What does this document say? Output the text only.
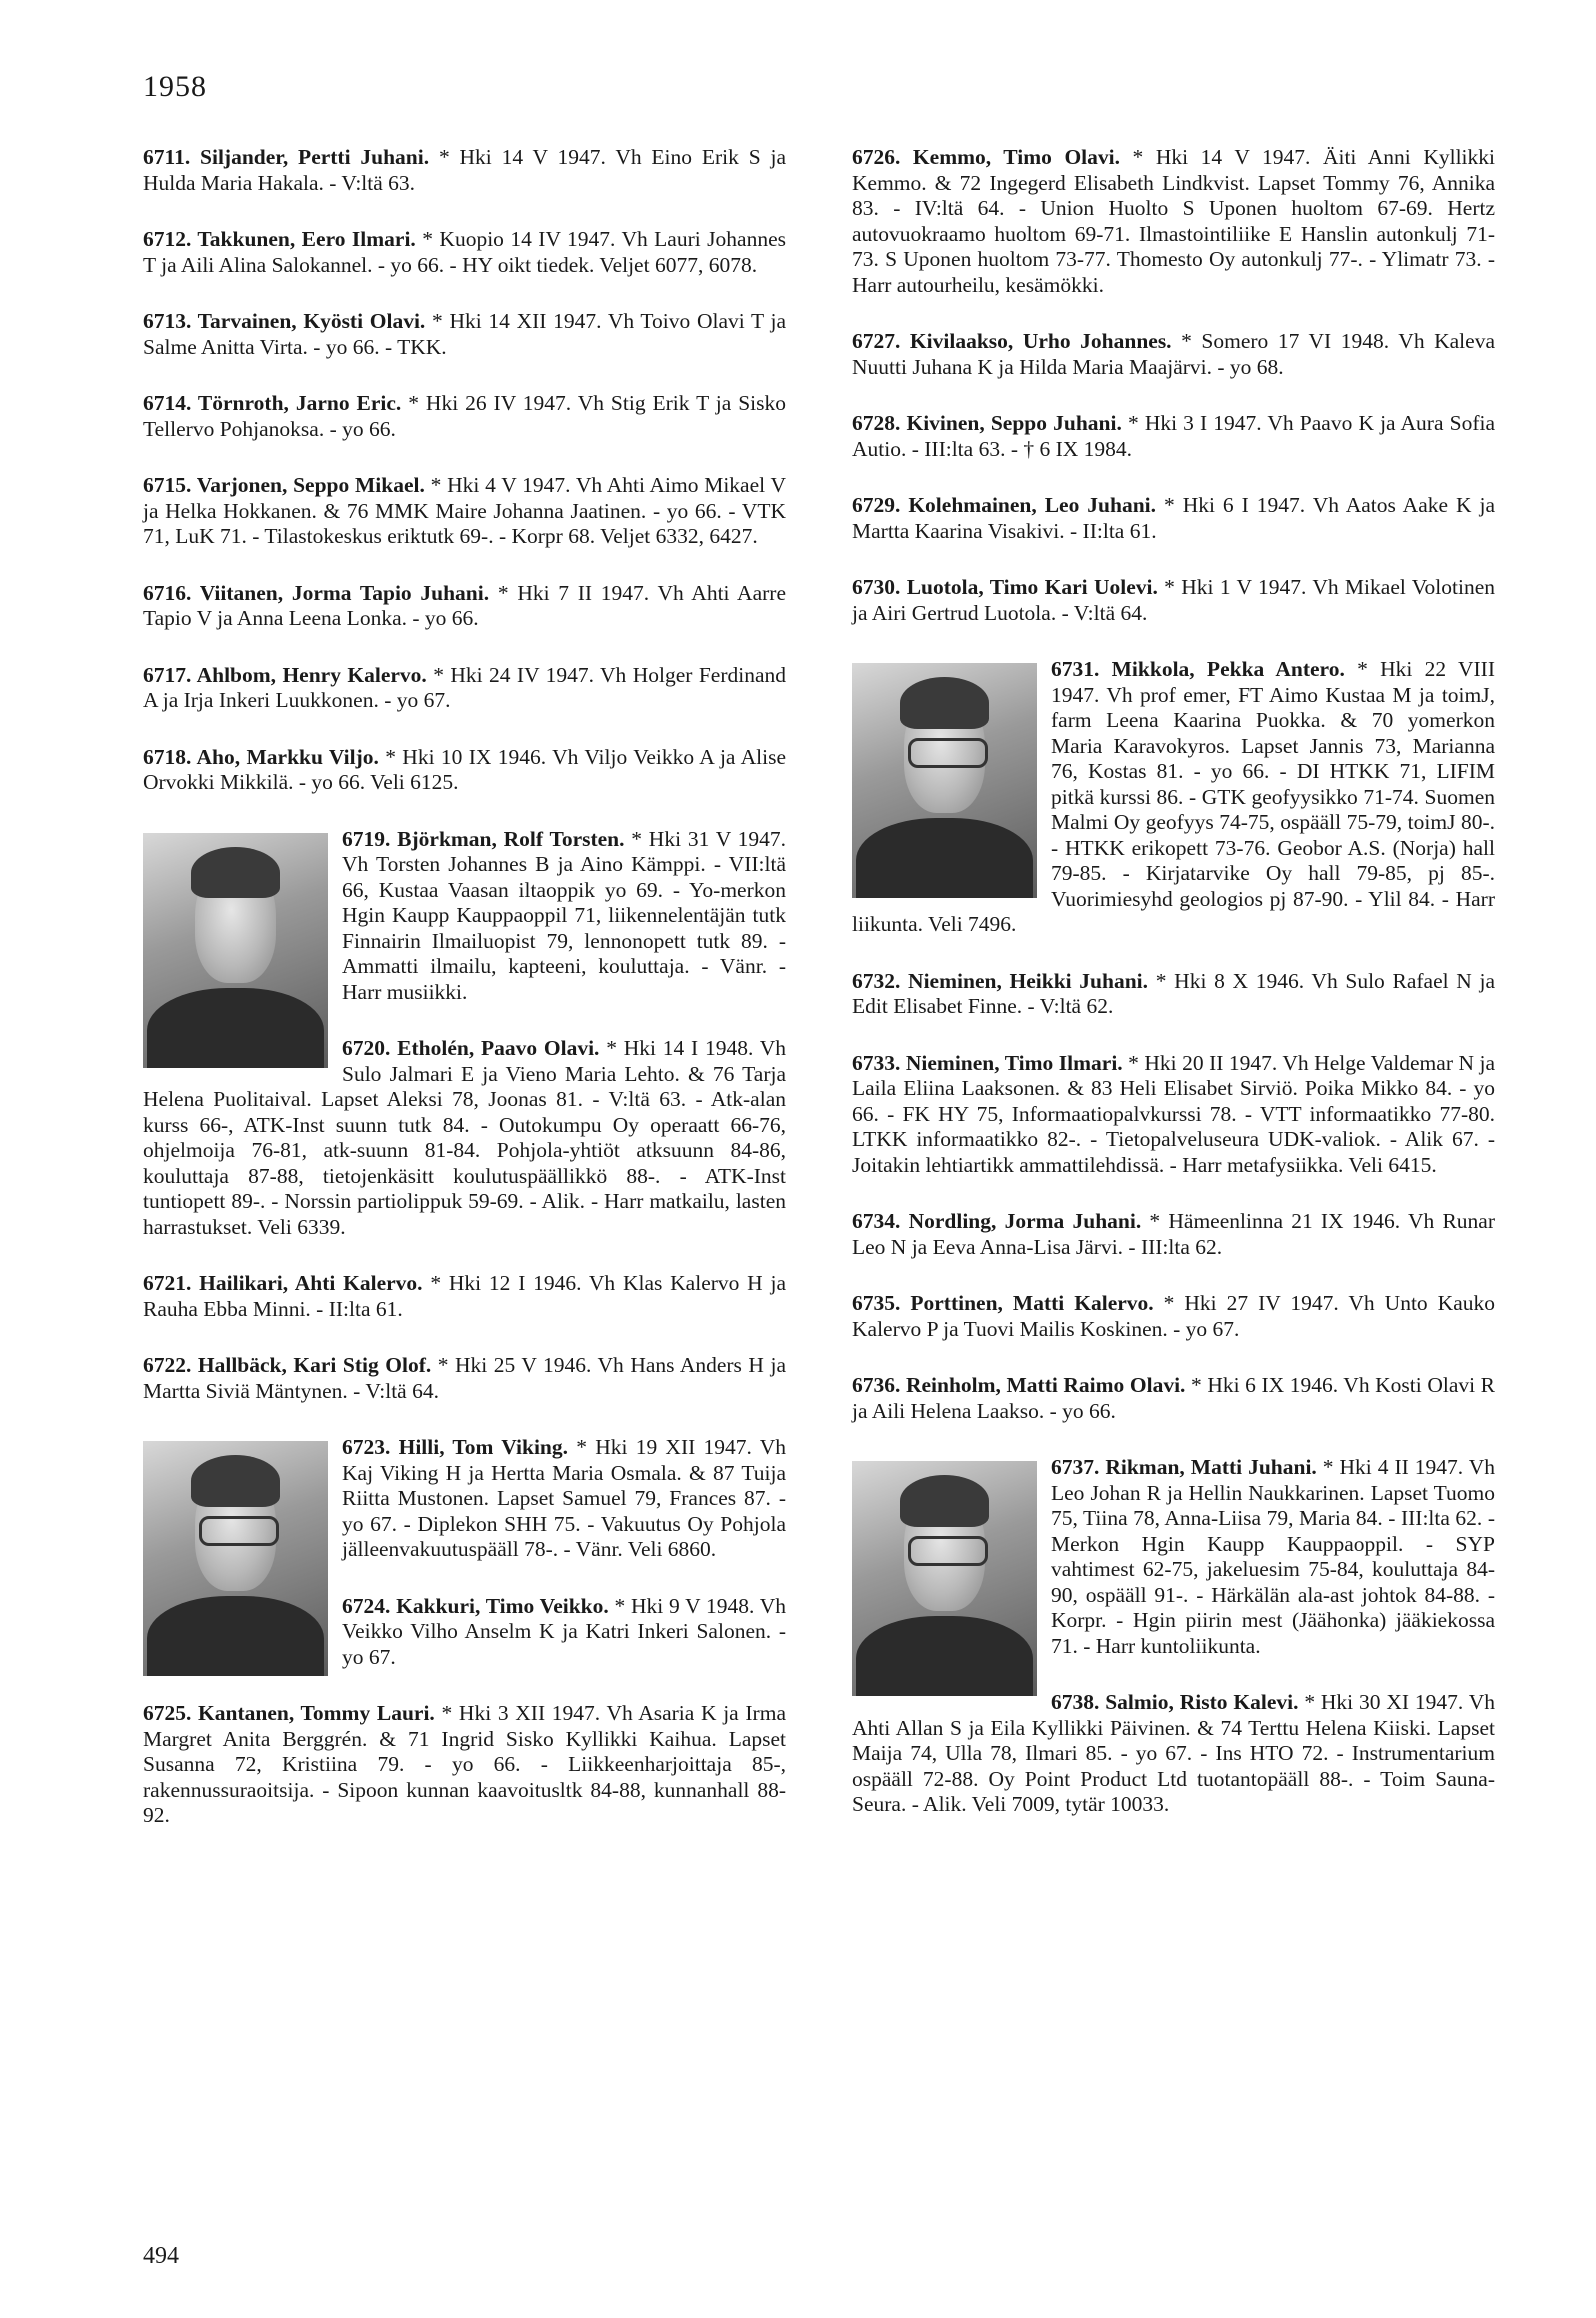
1958

6711. Siljander, Pertti Juhani. * Hki 14 V 1947. Vh Eino Erik S ja Hulda Maria Hakala. - V:ltä 63.

6712. Takkunen, Eero Ilmari. * Kuopio 14 IV 1947. Vh Lauri Johannes T ja Aili Alina Salokannel. - yo 66. - HY oikt tiedek. Veljet 6077, 6078.

6713. Tarvainen, Kyösti Olavi. * Hki 14 XII 1947. Vh Toivo Olavi T ja Salme Anitta Virta. - yo 66. - TKK.

6714. Törnroth, Jarno Eric. * Hki 26 IV 1947. Vh Stig Erik T ja Sisko Tellervo Pohjanoksa. - yo 66.

6715. Varjonen, Seppo Mikael. * Hki 4 V 1947. Vh Ahti Aimo Mikael V ja Helka Hokkanen. & 76 MMK Maire Johanna Jaatinen. - yo 66. - VTK 71, LuK 71. - Tilastokeskus eriktutk 69-. - Korpr 68. Veljet 6332, 6427.

6716. Viitanen, Jorma Tapio Juhani. * Hki 7 II 1947. Vh Ahti Aarre Tapio V ja Anna Leena Lonka. - yo 66.

6717. Ahlbom, Henry Kalervo. * Hki 24 IV 1947. Vh Holger Ferdinand A ja Irja Inkeri Luukkonen. - yo 67.

6718. Aho, Markku Viljo. * Hki 10 IX 1946. Vh Viljo Veikko A ja Alise Orvokki Mikkilä. - yo 66. Veli 6125.

6719. Björkman, Rolf Torsten. * Hki 31 V 1947. Vh Torsten Johannes B ja Aino Kämppi. - VII:ltä 66, Kustaa Vaasan iltaoppik yo 69. - Yo-merkon Hgin Kaupp Kauppaoppil 71, liikennelentäjän tutk Finnairin Ilmailuopist 79, lennonopett tutk 89. - Ammatti ilmailu, kapteeni, kouluttaja. - Vänr. - Harr musiikki.

6720. Etholén, Paavo Olavi. * Hki 14 I 1948. Vh Sulo Jalmari E ja Vieno Maria Lehto. & 76 Tarja Helena Puolitaival. Lapset Aleksi 78, Joonas 81. - V:ltä 63. - Atk-alan kurss 66-, ATK-Inst suunn tutk 84. - Outokumpu Oy operaatt 66-76, ohjelmoija 76-81, atk-suunn 81-84. Pohjola-yhtiöt atksuunn 84-86, kouluttaja 87-88, tietojenkäsitt koulutuspäällikkö 88-. - ATK-Inst tuntiopett 89-. - Norssin partiolippuk 59-69. - Alik. - Harr matkailu, lasten harrastukset. Veli 6339.

6721. Hailikari, Ahti Kalervo. * Hki 12 I 1946. Vh Klas Kalervo H ja Rauha Ebba Minni. - II:lta 61.

6722. Hallbäck, Kari Stig Olof. * Hki 25 V 1946. Vh Hans Anders H ja Martta Siviä Mäntynen. - V:ltä 64.

6723. Hilli, Tom Viking. * Hki 19 XII 1947. Vh Kaj Viking H ja Hertta Maria Osmala. & 87 Tuija Riitta Mustonen. Lapset Samuel 79, Frances 87. - yo 67. - Diplekon SHH 75. - Vakuutus Oy Pohjola jälleenvakuutuspääll 78-. - Vänr. Veli 6860.

6724. Kakkuri, Timo Veikko. * Hki 9 V 1948. Vh Veikko Vilho Anselm K ja Katri Inkeri Salonen. - yo 67.

6725. Kantanen, Tommy Lauri. * Hki 3 XII 1947. Vh Asaria K ja Irma Margret Anita Berggrén. & 71 Ingrid Sisko Kyllikki Kaihua. Lapset Susanna 72, Kristiina 79. - yo 66. - Liikkeenharjoittaja 85-, rakennussuraoitsija. - Sipoon kunnan kaavoitusltk 84-88, kunnanhall 88-92.

6726. Kemmo, Timo Olavi. * Hki 14 V 1947. Äiti Anni Kyllikki Kemmo. & 72 Ingegerd Elisabeth Lindkvist. Lapset Tommy 76, Annika 83. - IV:ltä 64. - Union Huolto S Uponen huoltom 67-69. Hertz autovuokraamo huoltom 69-71. Ilmastointiliike E Hanslin autonkulj 71-73. S Uponen huoltom 73-77. Thomesto Oy autonkulj 77-. - Ylimatr 73. - Harr autourheilu, kesämökki.

6727. Kivilaakso, Urho Johannes. * Somero 17 VI 1948. Vh Kaleva Nuutti Juhana K ja Hilda Maria Maajärvi. - yo 68.

6728. Kivinen, Seppo Juhani. * Hki 3 I 1947. Vh Paavo K ja Aura Sofia Autio. - III:lta 63. - † 6 IX 1984.

6729. Kolehmainen, Leo Juhani. * Hki 6 I 1947. Vh Aatos Aake K ja Martta Kaarina Visakivi. - II:lta 61.

6730. Luotola, Timo Kari Uolevi. * Hki 1 V 1947. Vh Mikael Volotinen ja Airi Gertrud Luotola. - V:ltä 64.

6731. Mikkola, Pekka Antero. * Hki 22 VIII 1947. Vh prof emer, FT Aimo Kustaa M ja toimJ, farm Leena Kaarina Puokka. & 70 yomerkon Maria Karavokyros. Lapset Jannis 73, Marianna 76, Kostas 81. - yo 66. - DI HTKK 71, LIFIM pitkä kurssi 86. - GTK geofyysikko 71-74. Suomen Malmi Oy geofyys 74-75, ospääll 75-79, toimJ 80-. - HTKK erikopett 73-76. Geobor A.S. (Norja) hall 79-85. - Kirjatarvike Oy hall 79-85, pj 85-. Vuorimiesyhd geologios pj 87-90. - Ylil 84. - Harr liikunta. Veli 7496.

6732. Nieminen, Heikki Juhani. * Hki 8 X 1946. Vh Sulo Rafael N ja Edit Elisabet Finne. - V:ltä 62.

6733. Nieminen, Timo Ilmari. * Hki 20 II 1947. Vh Helge Valdemar N ja Laila Eliina Laaksonen. & 83 Heli Elisabet Sirviö. Poika Mikko 84. - yo 66. - FK HY 75, Informaatiopalvkurssi 78. - VTT informaatikko 77-80. LTKK informaatikko 82-. - Tietopalveluseura UDK-valiok. - Alik 67. - Joitakin lehtiartikk ammattilehdissä. - Harr metafysiikka. Veli 6415.

6734. Nordling, Jorma Juhani. * Hämeenlinna 21 IX 1946. Vh Runar Leo N ja Eeva Anna-Lisa Järvi. - III:lta 62.

6735. Porttinen, Matti Kalervo. * Hki 27 IV 1947. Vh Unto Kauko Kalervo P ja Tuovi Mailis Koskinen. - yo 67.

6736. Reinholm, Matti Raimo Olavi. * Hki 6 IX 1946. Vh Kosti Olavi R ja Aili Helena Laakso. - yo 66.

6737. Rikman, Matti Juhani. * Hki 4 II 1947. Vh Leo Johan R ja Hellin Naukkarinen. Lapset Tuomo 75, Tiina 78, Anna-Liisa 79, Maria 84. - III:lta 62. - Merkon Hgin Kaupp Kauppaoppil. - SYP vahtimest 62-75, jakeluesim 75-84, kouluttaja 84-90, ospääll 91-. - Härkälän ala-ast johtok 84-88. - Korpr. - Hgin piirin mest (Jäähonka) jääkiekossa 71. - Harr kuntoliikunta.

6738. Salmio, Risto Kalevi. * Hki 30 XI 1947. Vh Ahti Allan S ja Eila Kyllikki Päivinen. & 74 Terttu Helena Kiiski. Lapset Maija 74, Ulla 78, Ilmari 85. - yo 67. - Ins HTO 72. - Instrumentarium ospääll 72-88. Oy Point Product Ltd tuotantopääll 88-. - Toim Sauna-Seura. - Alik. Veli 7009, tytär 10033.

494
